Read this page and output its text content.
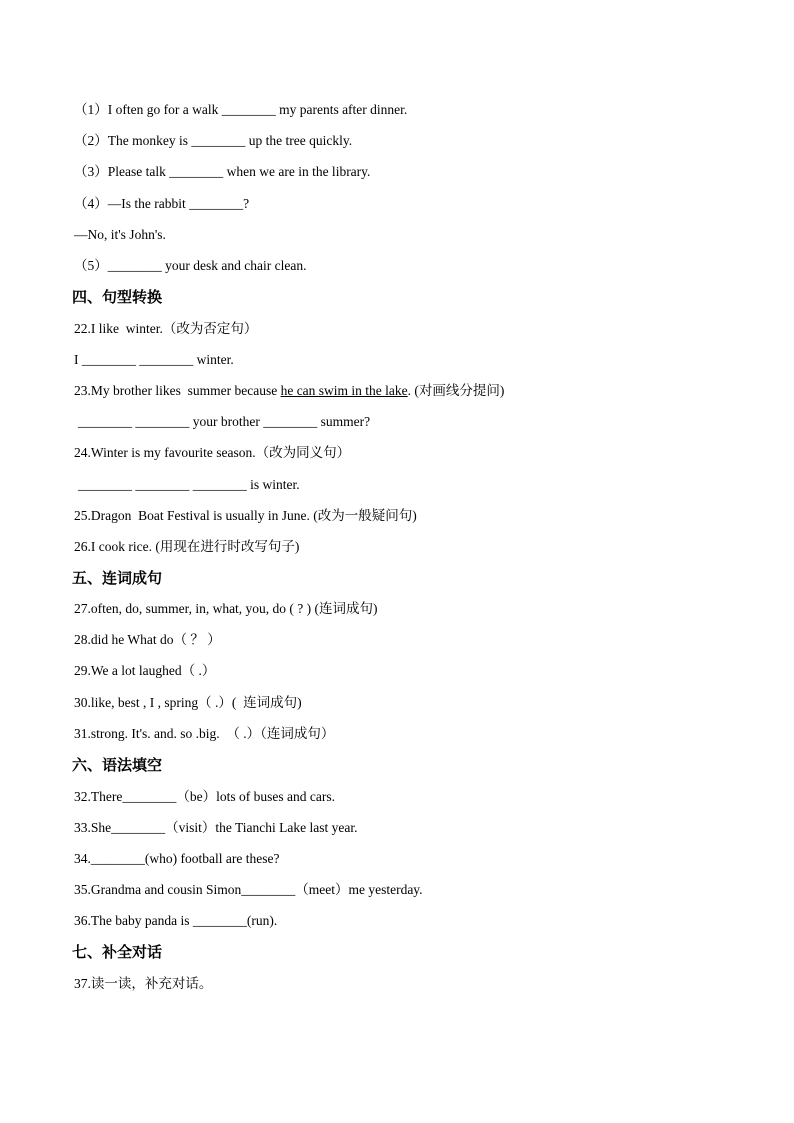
（1）I often go for a walk ________ my parents after dinner.
（2）The monkey is ________ up the tree quickly.
（3）Please talk ________ when we are in the library.
（4）—Is the rabbit ________?
—No, it's John's.
（5）________ your desk and chair clean.
四、句型转换
22.I like  winter.（改为否定句）
I ________ ________ winter.
23.My brother likes  summer because he can swim in the lake. (对画线分提问)
________ ________ your brother ________ summer?
24.Winter is my favourite season.（改为同义句）
________ ________ ________ is winter.
25.Dragon  Boat Festival is usually in June. (改为一般疑问句)
26.I cook rice. (用现在进行时改写句子)
五、连词成句
27.often, do, summer, in, what, you, do ( ? ) (连词成句)
28.did he What do（ ？ ）
29.We a lot laughed（ .）
30.like, best , I , spring（ .）(  连词成句)
31.strong. It's. and. so .big.  （ .）（连词成句）
六、语法填空
32.There________（be）lots of buses and cars.
33.She________（visit）the Tianchi Lake last year.
34.________(who) football are these?
35.Grandma and cousin Simon________（meet）me yesterday.
36.The baby panda is ________(run).
七、补全对话
37.读一读，补充对话。
